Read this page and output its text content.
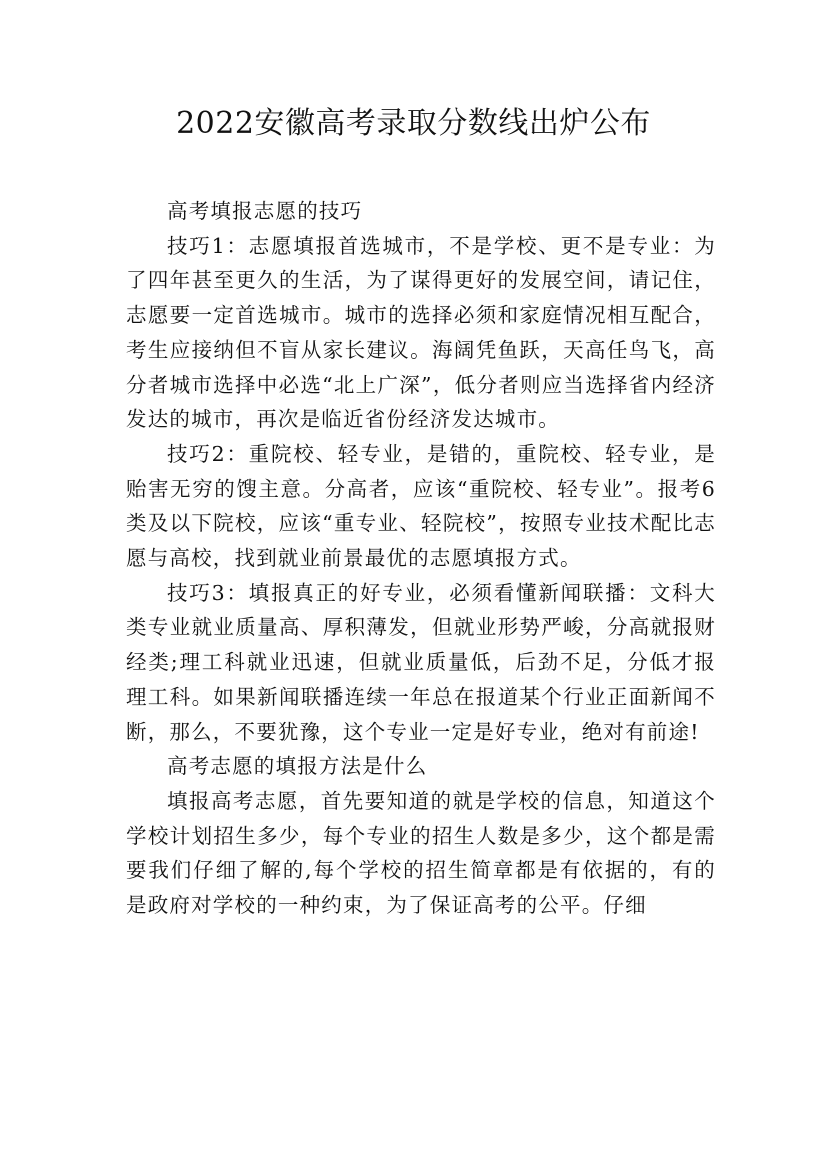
2022安徽高考录取分数线出炉公布

高考填报志愿的技巧

技巧1：志愿填报首选城市，不是学校、更不是专业：为了四年甚至更久的生活，为了谋得更好的发展空间，请记住，志愿要一定首选城市。城市的选择必须和家庭情况相互配合，考生应接纳但不盲从家长建议。海阔凭鱼跃，天高任鸟飞，高分者城市选择中必选“北上广深”，低分者则应当选择省内经济发达的城市，再次是临近省份经济发达城市。

技巧2：重院校、轻专业，是错的，重院校、轻专业，是贻害无穷的馊主意。分高者，应该“重院校、轻专业”。报考6类及以下院校，应该“重专业、轻院校”，按照专业技术配比志愿与高校，找到就业前景最优的志愿填报方式。

技巧3：填报真正的好专业，必须看懂新闻联播：文科大类专业就业质量高、厚积薄发，但就业形势严峻，分高就报财经类;理工科就业迅速，但就业质量低，后劲不足，分低才报理工科。如果新闻联播连续一年总在报道某个行业正面新闻不断，那么，不要犹豫，这个专业一定是好专业，绝对有前途!

高考志愿的填报方法是什么

填报高考志愿，首先要知道的就是学校的信息，知道这个学校计划招生多少，每个专业的招生人数是多少，这个都是需要我们仔细了解的,每个学校的招生简章都是有依据的，有的是政府对学校的一种约束，为了保证高考的公平。仔细
